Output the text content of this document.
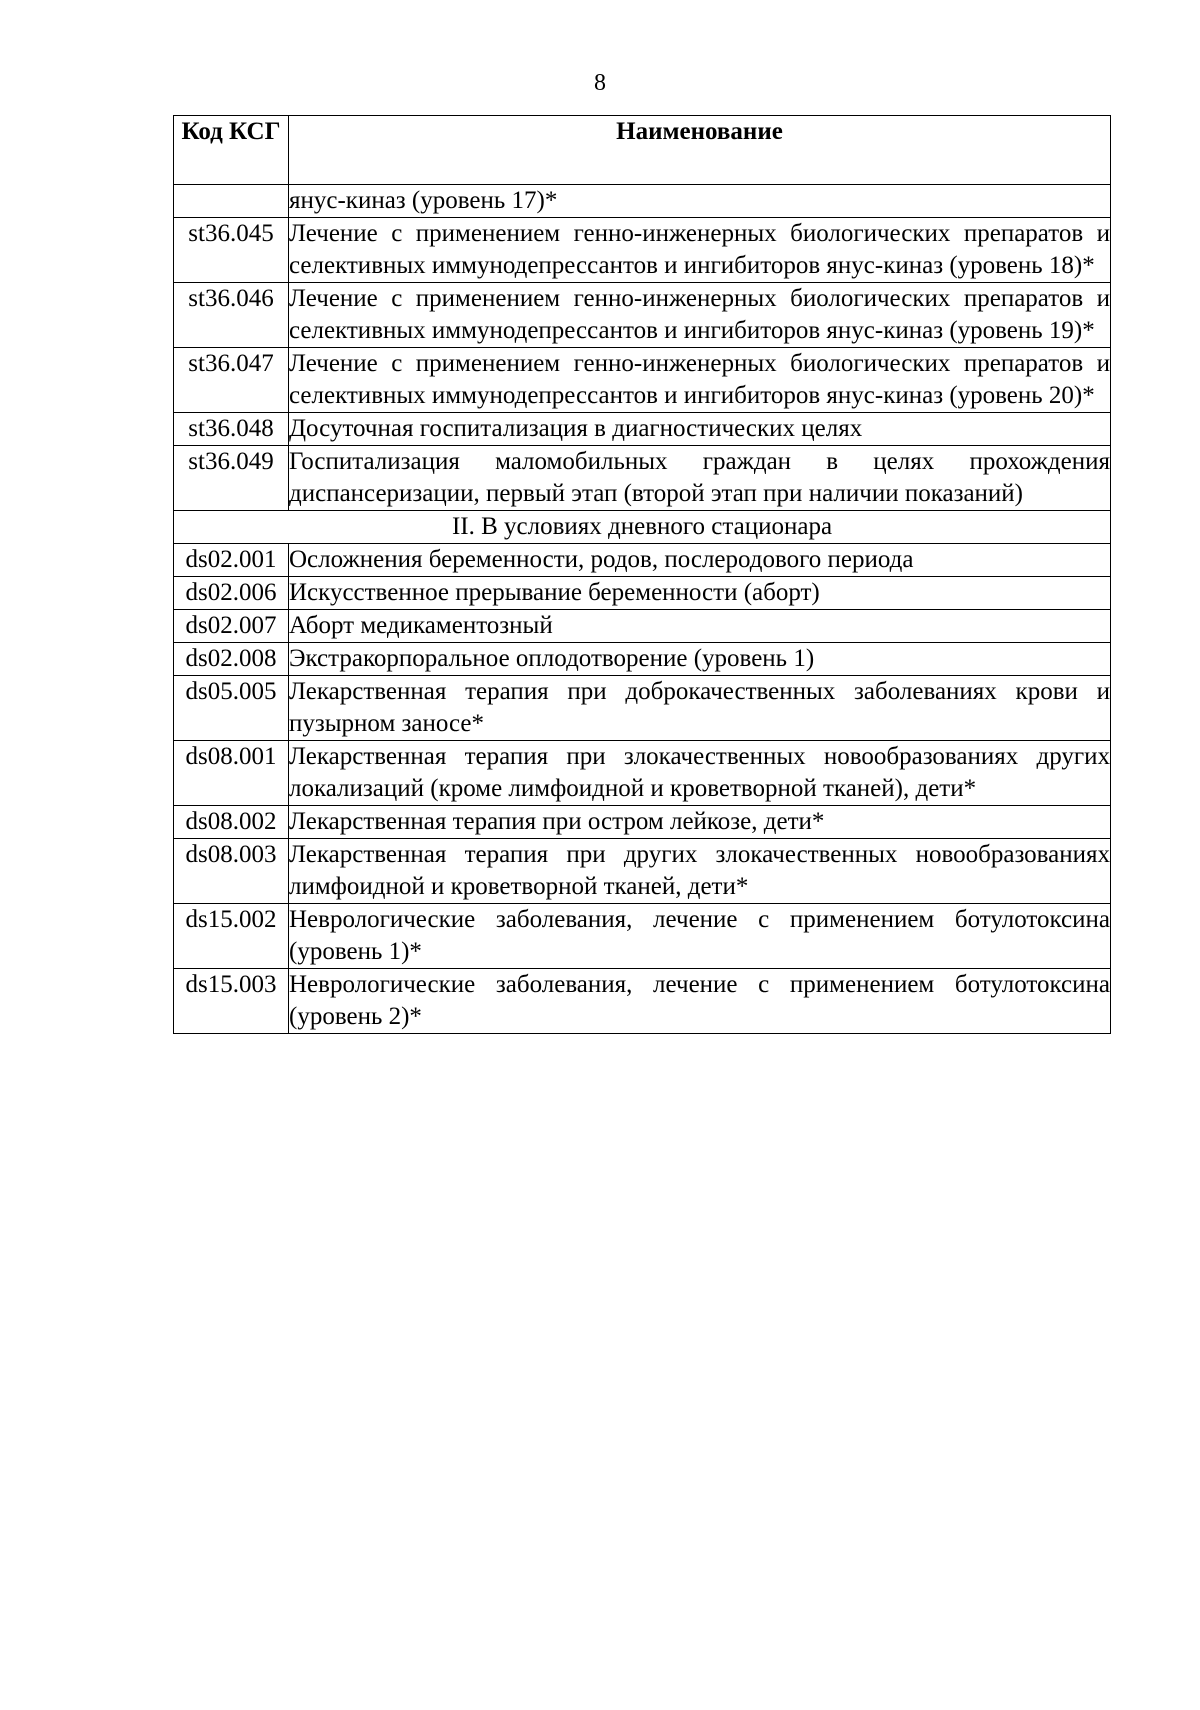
8
Код КСГ	Наименование
	янус-киназ (уровень 17)*
st36.045	Лечение с применением генно-инженерных биологических препаратов и селективных иммунодепрессантов и ингибиторов янус-киназ (уровень 18)*
st36.046	Лечение с применением генно-инженерных биологических препаратов и селективных иммунодепрессантов и ингибиторов янус-киназ (уровень 19)*
st36.047	Лечение с применением генно-инженерных биологических препаратов и селективных иммунодепрессантов и ингибиторов янус-киназ (уровень 20)*
st36.048	Досуточная госпитализация в диагностических целях
st36.049	Госпитализация маломобильных граждан в целях прохождения диспансеризации, первый этап (второй этап при наличии показаний)
II. В условиях дневного стационара	
ds02.001	Осложнения беременности, родов, послеродового периода
ds02.006	Искусственное прерывание беременности (аборт)
ds02.007	Аборт медикаментозный
ds02.008	Экстракорпоральное оплодотворение (уровень 1)
ds05.005	Лекарственная терапия при доброкачественных заболеваниях крови и пузырном заносе*
ds08.001	Лекарственная терапия при злокачественных новообразованиях других локализаций (кроме лимфоидной и кроветворной тканей), дети*
ds08.002	Лекарственная терапия при остром лейкозе, дети*
ds08.003	Лекарственная терапия при других злокачественных новообразованиях лимфоидной и кроветворной тканей, дети*
ds15.002	Неврологические заболевания, лечение с применением ботулотоксина (уровень 1)*
ds15.003	Неврологические заболевания, лечение с применением ботулотоксина (уровень 2)*
